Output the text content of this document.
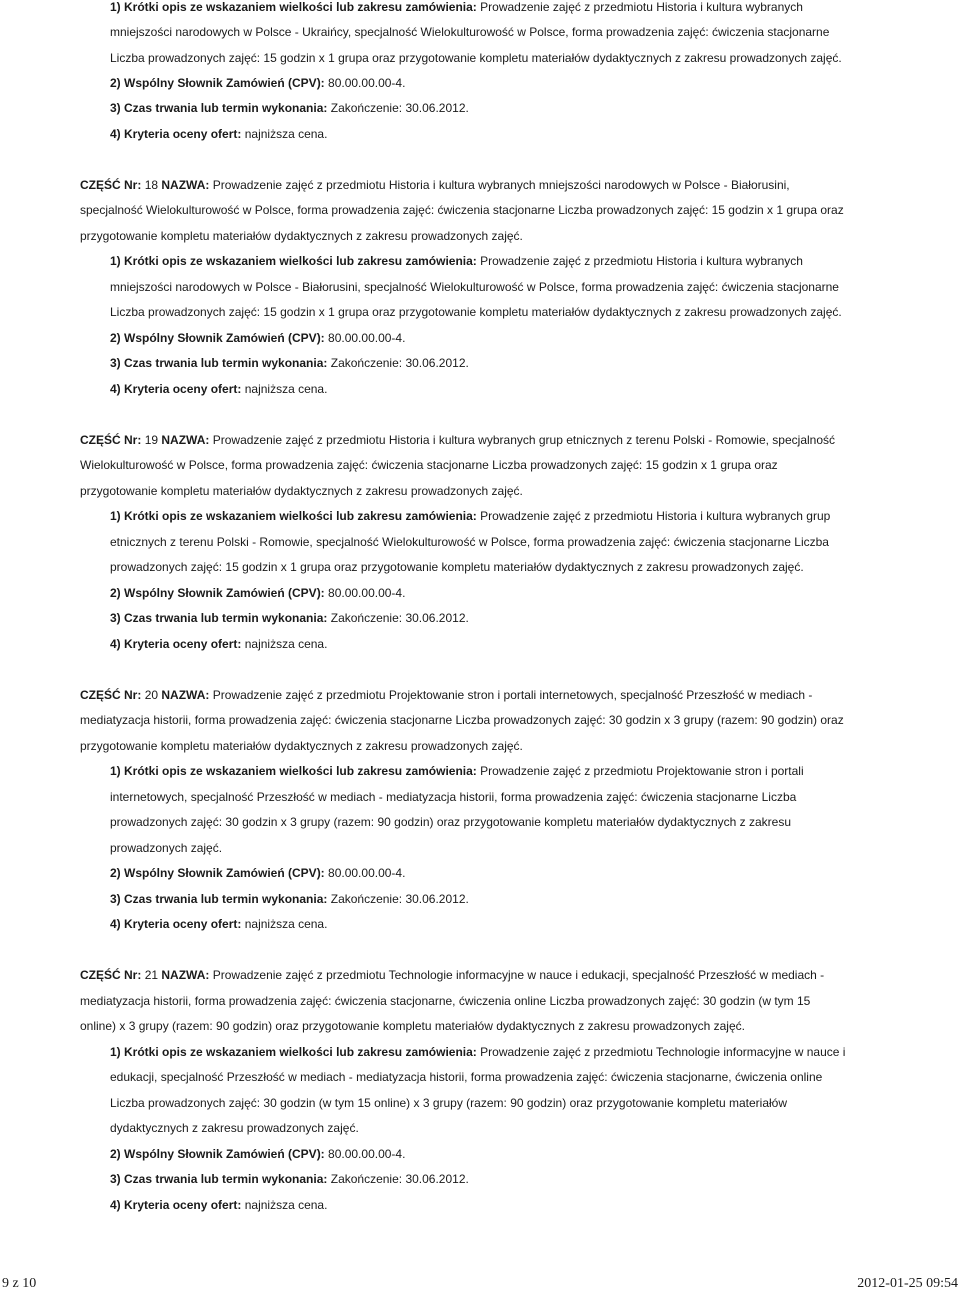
1) Krótki opis ze wskazaniem wielkości lub zakresu zamówienia: Prowadzenie zajęć z przedmiotu Historia i kultura wybranych
mniejszości narodowych w Polsce - Ukraińcy, specjalność Wielokulturowość w Polsce, forma prowadzenia zajęć: ćwiczenia stacjonarne
Liczba prowadzonych zajęć: 15 godzin x 1 grupa oraz przygotowanie kompletu materiałów dydaktycznych z zakresu prowadzonych zajęć.
2) Wspólny Słownik Zamówień (CPV): 80.00.00.00-4.
3) Czas trwania lub termin wykonania: Zakończenie: 30.06.2012.
4) Kryteria oceny ofert: najniższa cena.
CZĘŚĆ Nr: 18 NAZWA: Prowadzenie zajęć z przedmiotu Historia i kultura wybranych mniejszości narodowych w Polsce - Białorusini,
specjalność Wielokulturowość w Polsce, forma prowadzenia zajęć: ćwiczenia stacjonarne Liczba prowadzonych zajęć: 15 godzin x 1 grupa oraz
przygotowanie kompletu materiałów dydaktycznych z zakresu prowadzonych zajęć.
1) Krótki opis ze wskazaniem wielkości lub zakresu zamówienia: Prowadzenie zajęć z przedmiotu Historia i kultura wybranych
mniejszości narodowych w Polsce - Białorusini, specjalność Wielokulturowość w Polsce, forma prowadzenia zajęć: ćwiczenia stacjonarne
Liczba prowadzonych zajęć: 15 godzin x 1 grupa oraz przygotowanie kompletu materiałów dydaktycznych z zakresu prowadzonych zajęć.
2) Wspólny Słownik Zamówień (CPV): 80.00.00.00-4.
3) Czas trwania lub termin wykonania: Zakończenie: 30.06.2012.
4) Kryteria oceny ofert: najniższa cena.
CZĘŚĆ Nr: 19 NAZWA: Prowadzenie zajęć z przedmiotu Historia i kultura wybranych grup etnicznych z terenu Polski - Romowie, specjalność
Wielokulturowość w Polsce, forma prowadzenia zajęć: ćwiczenia stacjonarne Liczba prowadzonych zajęć: 15 godzin x 1 grupa oraz
przygotowanie kompletu materiałów dydaktycznych z zakresu prowadzonych zajęć.
1) Krótki opis ze wskazaniem wielkości lub zakresu zamówienia: Prowadzenie zajęć z przedmiotu Historia i kultura wybranych grup
etnicznych z terenu Polski - Romowie, specjalność Wielokulturowość w Polsce, forma prowadzenia zajęć: ćwiczenia stacjonarne Liczba
prowadzonych zajęć: 15 godzin x 1 grupa oraz przygotowanie kompletu materiałów dydaktycznych z zakresu prowadzonych zajęć.
2) Wspólny Słownik Zamówień (CPV): 80.00.00.00-4.
3) Czas trwania lub termin wykonania: Zakończenie: 30.06.2012.
4) Kryteria oceny ofert: najniższa cena.
CZĘŚĆ Nr: 20 NAZWA: Prowadzenie zajęć z przedmiotu Projektowanie stron i portali internetowych, specjalność Przeszłość w mediach -
mediatyzacja historii, forma prowadzenia zajęć: ćwiczenia stacjonarne Liczba prowadzonych zajęć: 30 godzin x 3 grupy (razem: 90 godzin) oraz
przygotowanie kompletu materiałów dydaktycznych z zakresu prowadzonych zajęć.
1) Krótki opis ze wskazaniem wielkości lub zakresu zamówienia: Prowadzenie zajęć z przedmiotu Projektowanie stron i portali
internetowych, specjalność Przeszłość w mediach - mediatyzacja historii, forma prowadzenia zajęć: ćwiczenia stacjonarne Liczba
prowadzonych zajęć: 30 godzin x 3 grupy (razem: 90 godzin) oraz przygotowanie kompletu materiałów dydaktycznych z zakresu
prowadzonych zajęć.
2) Wspólny Słownik Zamówień (CPV): 80.00.00.00-4.
3) Czas trwania lub termin wykonania: Zakończenie: 30.06.2012.
4) Kryteria oceny ofert: najniższa cena.
CZĘŚĆ Nr: 21 NAZWA: Prowadzenie zajęć z przedmiotu Technologie informacyjne w nauce i edukacji, specjalność Przeszłość w mediach -
mediatyzacja historii, forma prowadzenia zajęć: ćwiczenia stacjonarne, ćwiczenia online Liczba prowadzonych zajęć: 30 godzin (w tym 15
online) x 3 grupy (razem: 90 godzin) oraz przygotowanie kompletu materiałów dydaktycznych z zakresu prowadzonych zajęć.
1) Krótki opis ze wskazaniem wielkości lub zakresu zamówienia: Prowadzenie zajęć z przedmiotu Technologie informacyjne w nauce i
edukacji, specjalność Przeszłość w mediach - mediatyzacja historii, forma prowadzenia zajęć: ćwiczenia stacjonarne, ćwiczenia online
Liczba prowadzonych zajęć: 30 godzin (w tym 15 online) x 3 grupy (razem: 90 godzin) oraz przygotowanie kompletu materiałów
dydaktycznych z zakresu prowadzonych zajęć.
2) Wspólny Słownik Zamówień (CPV): 80.00.00.00-4.
3) Czas trwania lub termin wykonania: Zakończenie: 30.06.2012.
4) Kryteria oceny ofert: najniższa cena.
9 z 10	2012-01-25 09:54
